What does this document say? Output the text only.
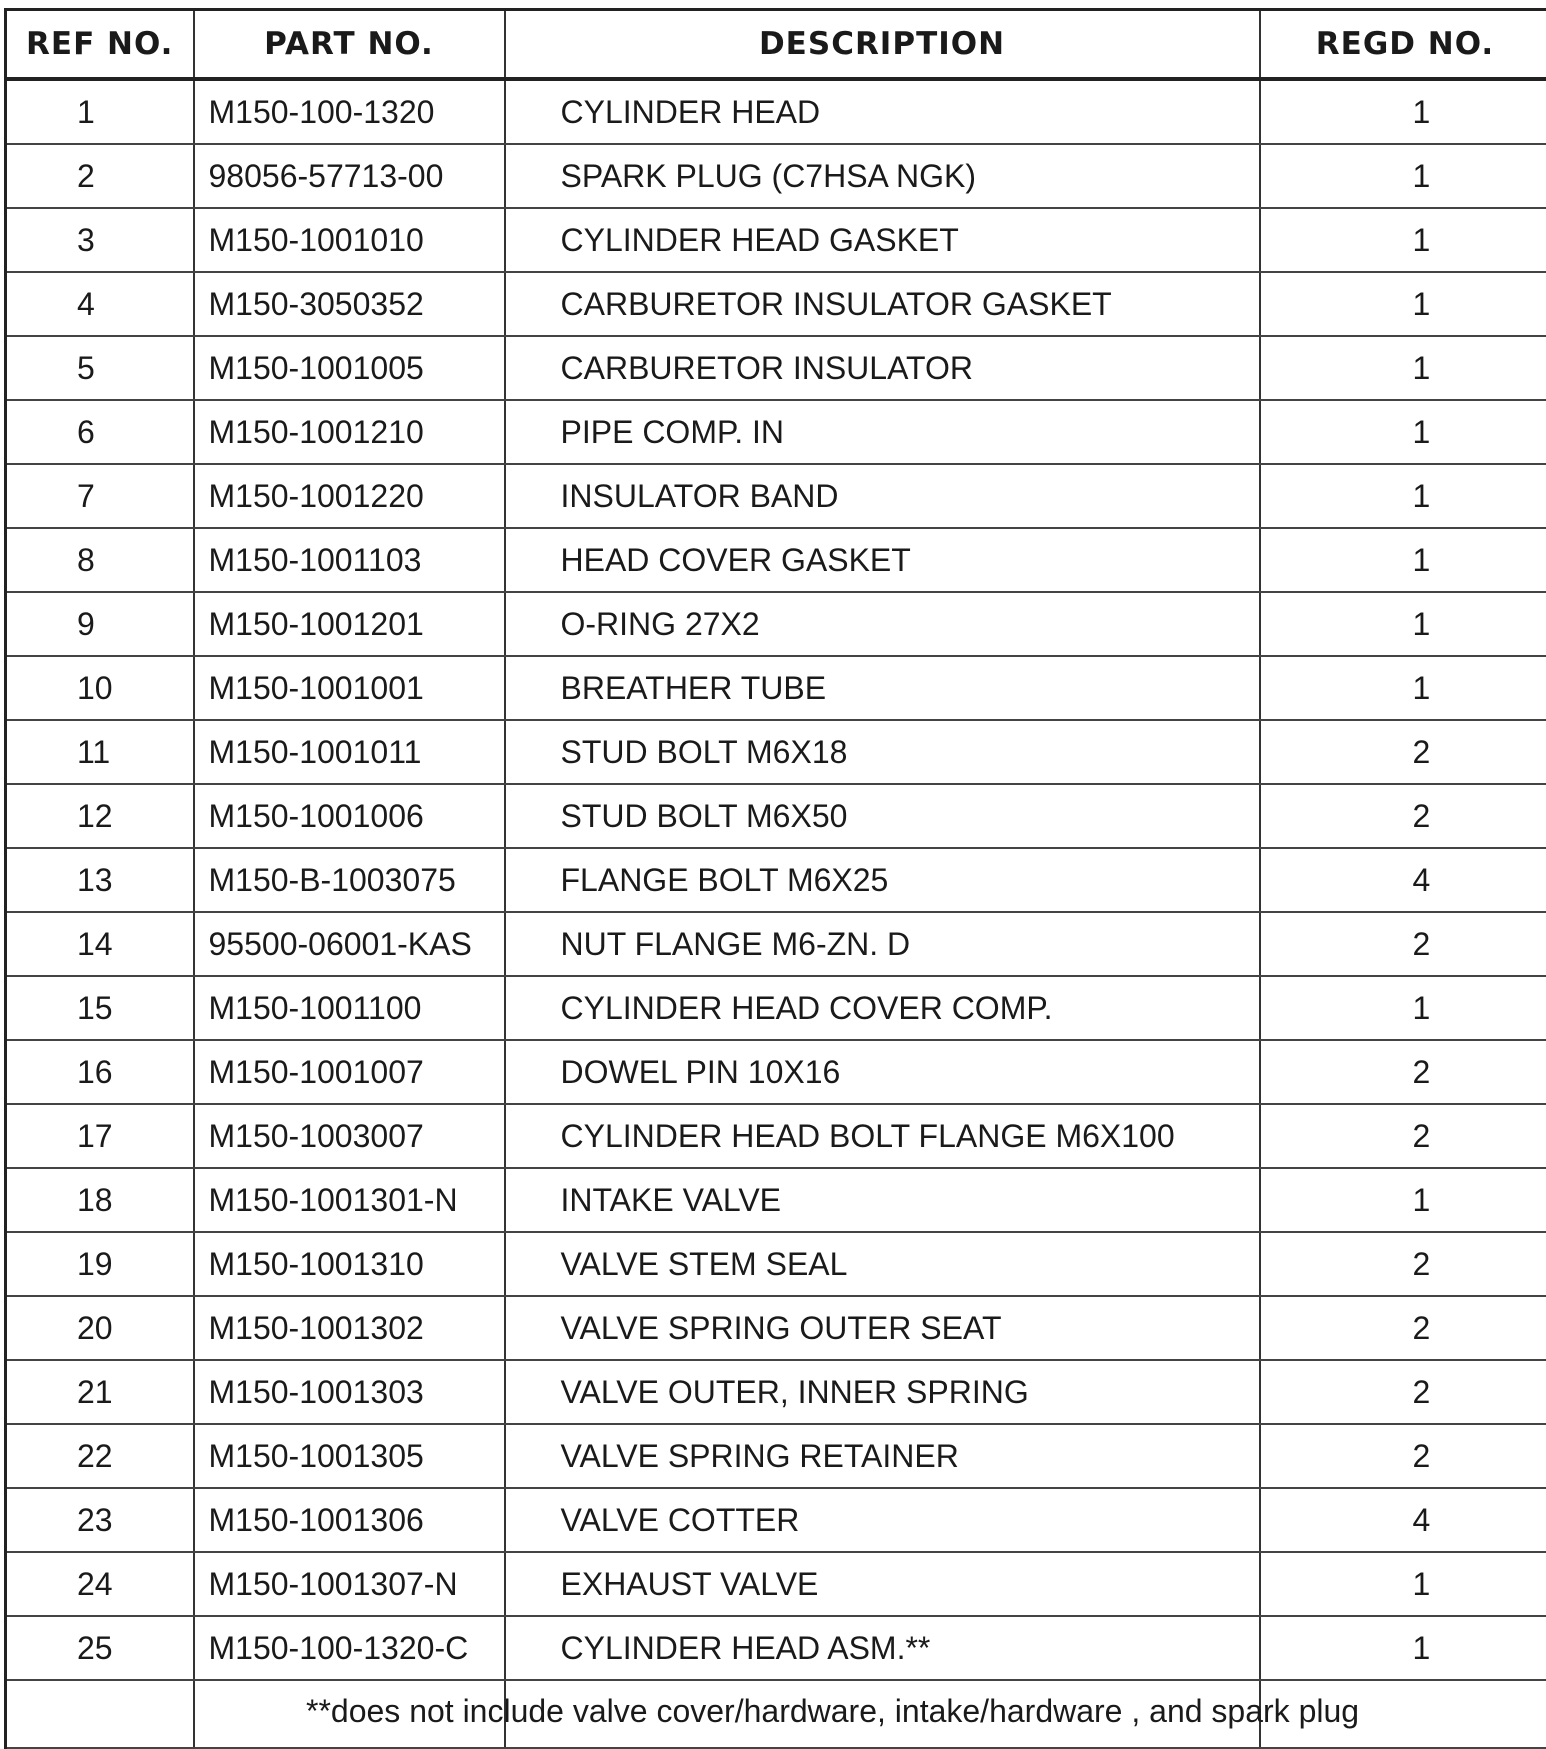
REF NO.	PART NO.	DESCRIPTION	REGD NO.
1	M150-100-1320	CYLINDER HEAD	1
2	98056-57713-00	SPARK PLUG (C7HSA NGK)	1
3	M150-1001010	CYLINDER HEAD GASKET	1
4	M150-3050352	CARBURETOR INSULATOR GASKET	1
5	M150-1001005	CARBURETOR INSULATOR	1
6	M150-1001210	PIPE COMP. IN	1
7	M150-1001220	INSULATOR BAND	1
8	M150-1001103	HEAD COVER GASKET	1
9	M150-1001201	O-RING 27X2	1
10	M150-1001001	BREATHER TUBE	1
11	M150-1001011	STUD BOLT M6X18	2
12	M150-1001006	STUD BOLT M6X50	2
13	M150-B-1003075	FLANGE BOLT M6X25	4
14	95500-06001-KAS	NUT FLANGE M6-ZN. D	2
15	M150-1001100	CYLINDER HEAD COVER COMP.	1
16	M150-1001007	DOWEL PIN 10X16	2
17	M150-1003007	CYLINDER HEAD BOLT FLANGE M6X100	2
18	M150-1001301-N	INTAKE VALVE	1
19	M150-1001310	VALVE STEM SEAL	2
20	M150-1001302	VALVE SPRING OUTER SEAT	2
21	M150-1001303	VALVE OUTER, INNER SPRING	2
22	M150-1001305	VALVE SPRING RETAINER	2
23	M150-1001306	VALVE COTTER	4
24	M150-1001307-N	EXHAUST VALVE	1
25	M150-100-1320-C	CYLINDER HEAD ASM.**	1

**does not include valve cover/hardware, intake/hardware , and spark plug
